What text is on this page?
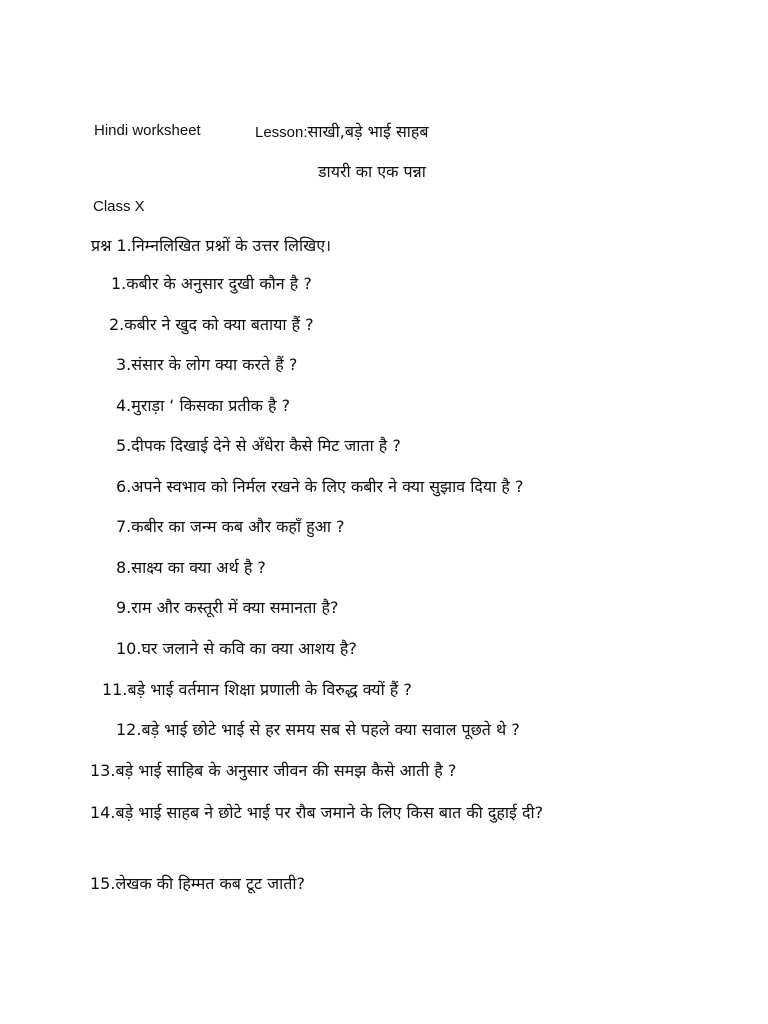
Hindi worksheet	Lesson:साखी,बड़े भाई साहब
डायरी का एक पन्ना
Class X
प्रश्न 1.निम्नलिखित प्रश्नों के उत्तर लिखिए।
1.कबीर के अनुसार दुखी कौन है ?
2.कबीर ने खुद को क्या बताया हैं ?
3.संसार के लोग क्या करते हैं ?
4.मुराड़ा ‘ किसका प्रतीक है ?
5.दीपक दिखाई देने से अँधेरा कैसे मिट जाता है ?
6.अपने स्वभाव को निर्मल रखने के लिए कबीर ने क्या सुझाव दिया है ?
7.कबीर का जन्म कब और कहाँ हुआ ?
8.साक्ष्य का क्या अर्थ है ?
9.राम और कस्तूरी में क्या समानता है?
10.घर जलाने से कवि का क्या आशय है?
11.बड़े भाई वर्तमान शिक्षा प्रणाली के विरुद्ध क्यों हैं ?
12.बड़े भाई छोटे भाई से हर समय सब से पहले क्या सवाल पूछते थे ?
13.बड़े भाई साहिब के अनुसार जीवन की समझ कैसे आती है ?
14.बड़े भाई साहब ने छोटे भाई पर रौब जमाने के लिए किस बात की दुहाई दी?
15.लेखक की हिम्मत कब टूट जाती?
